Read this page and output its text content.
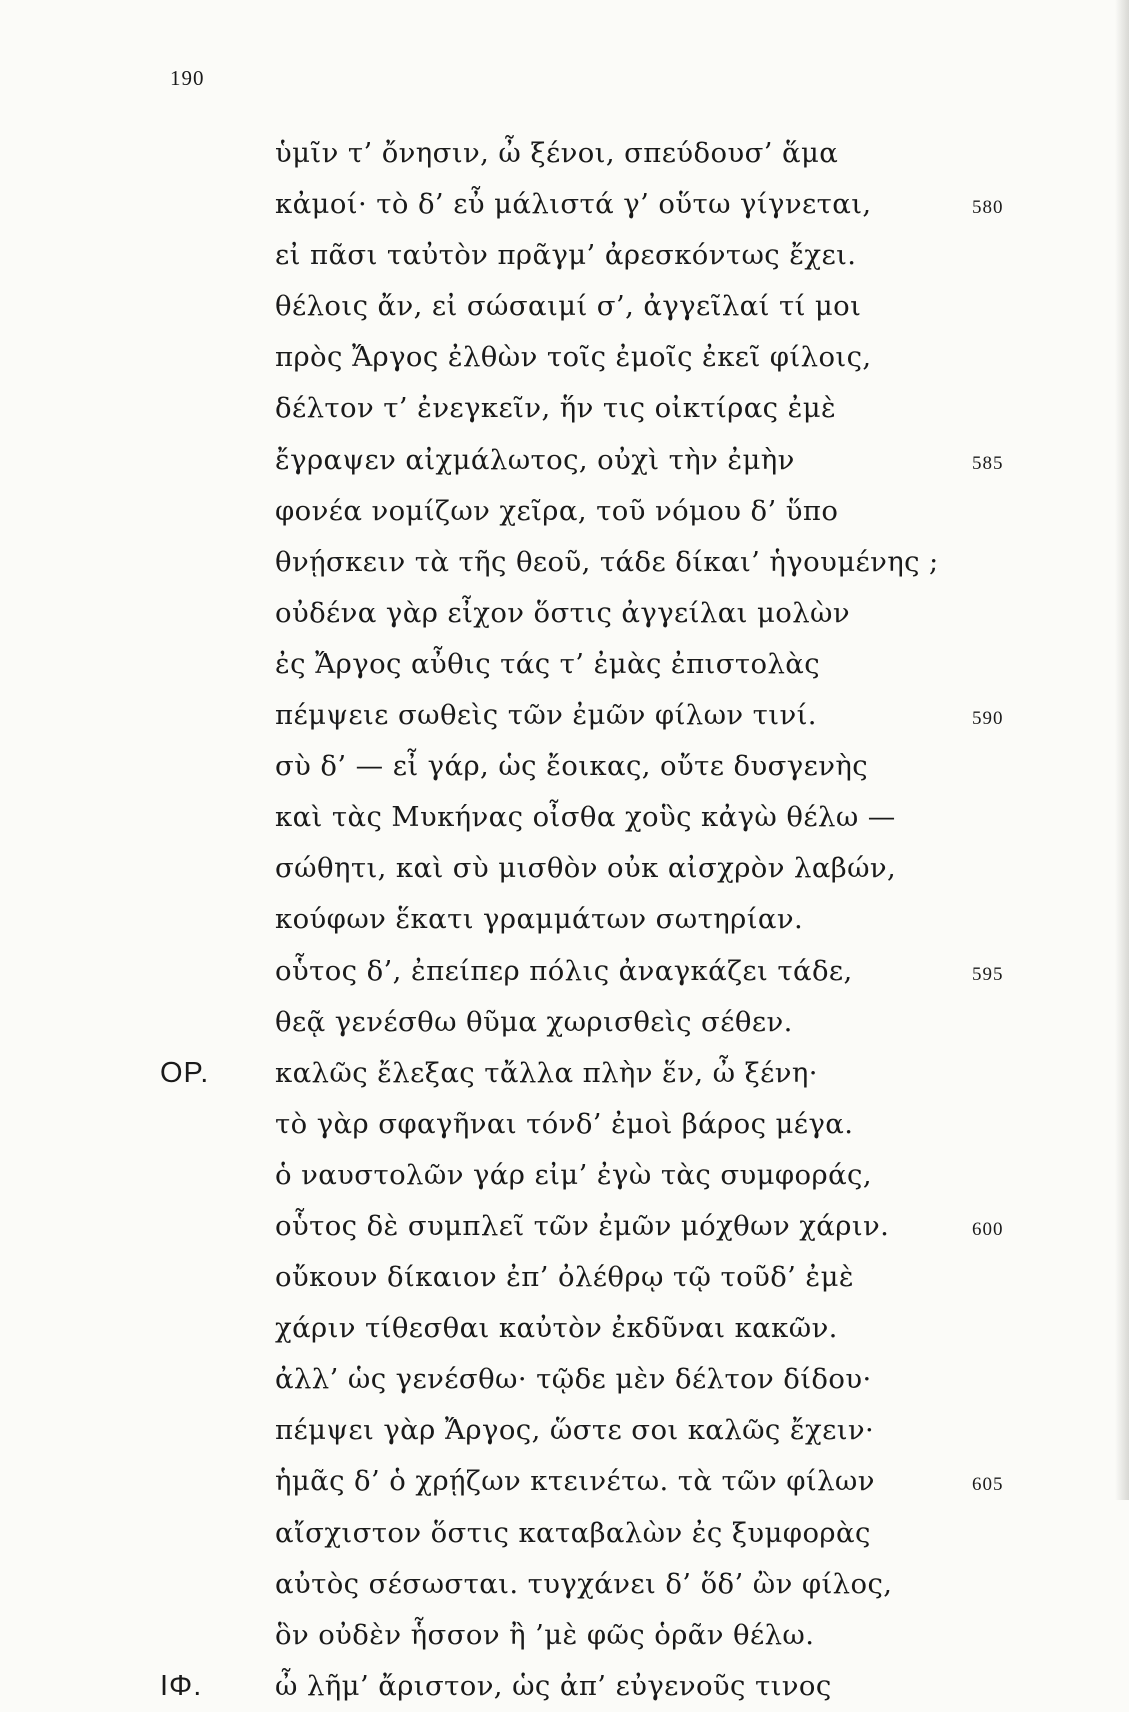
190
ὑμῖν τ’ ὄνησιν, ὦ ξένοι, σπεύδουσ’ ἅμα
κἀμοί· τὸ δ’ εὖ μάλιστά γ’ οὕτω γίγνεται,	580
εἰ πᾶσι ταὐτὸν πρᾶγμ’ ἀρεσκόντως ἔχει.
θέλοις ἄν, εἰ σώσαιμί σ’, ἀγγεῖλαί τί μοι
πρὸς Ἄργος ἐλθὼν τοῖς ἐμοῖς ἐκεῖ φίλοις,
δέλτον τ’ ἐνεγκεῖν, ἥν τις οἰκτίρας ἐμὲ
ἔγραψεν αἰχμάλωτος, οὐχὶ τὴν ἐμὴν	585
φονέα νομίζων χεῖρα, τοῦ νόμου δ’ ὕπο
θνῄσκειν τὰ τῆς θεοῦ, τάδε δίκαι’ ἡγουμένης ;
οὐδένα γὰρ εἶχον ὅστις ἀγγείλαι μολὼν
ἐς Ἄργος αὖθις τάς τ’ ἐμὰς ἐπιστολὰς
πέμψειε σωθεὶς τῶν ἐμῶν φίλων τινί.	590
σὺ δ’ — εἶ γάρ, ὡς ἔοικας, οὔτε δυσγενὴς
καὶ τὰς Μυκήνας οἶσθα χοὓς κἀγὼ θέλω —
σώθητι, καὶ σὺ μισθὸν οὐκ αἰσχρὸν λαβών,
κούφων ἕκατι γραμμάτων σωτηρίαν.
οὗτος δ’, ἐπείπερ πόλις ἀναγκάζει τάδε,	595
θεᾷ γενέσθω θῦμα χωρισθεὶς σέθεν.
ΟΡ. καλῶς ἔλεξας τἄλλα πλὴν ἕν, ὦ ξένη·
τὸ γὰρ σφαγῆναι τόνδ’ ἐμοὶ βάρος μέγα.
ὁ ναυστολῶν γάρ εἰμ’ ἐγὼ τὰς συμφοράς,
οὗτος δὲ συμπλεῖ τῶν ἐμῶν μόχθων χάριν.	600
οὔκουν δίκαιον ἐπ’ ὀλέθρῳ τῷ τοῦδ’ ἐμὲ
χάριν τίθεσθαι καὐτὸν ἐκδῦναι κακῶν.
ἀλλ’ ὡς γενέσθω· τῷδε μὲν δέλτον δίδου·
πέμψει γὰρ Ἄργος, ὥστε σοι καλῶς ἔχειν·
ἡμᾶς δ’ ὁ χρῄζων κτεινέτω. τὰ τῶν φίλων	605
αἴσχιστον ὅστις καταβαλὼν ἐς ξυμφορὰς
αὐτὸς σέσωσται. τυγχάνει δ’ ὅδ’ ὢν φίλος,
ὃν οὐδὲν ἧσσον ἢ ’μὲ φῶς ὁρᾶν θέλω.
ΙΦ.	ὦ λῆμ’ ἄριστον, ὡς ἀπ’ εὐγενοῦς τινος
